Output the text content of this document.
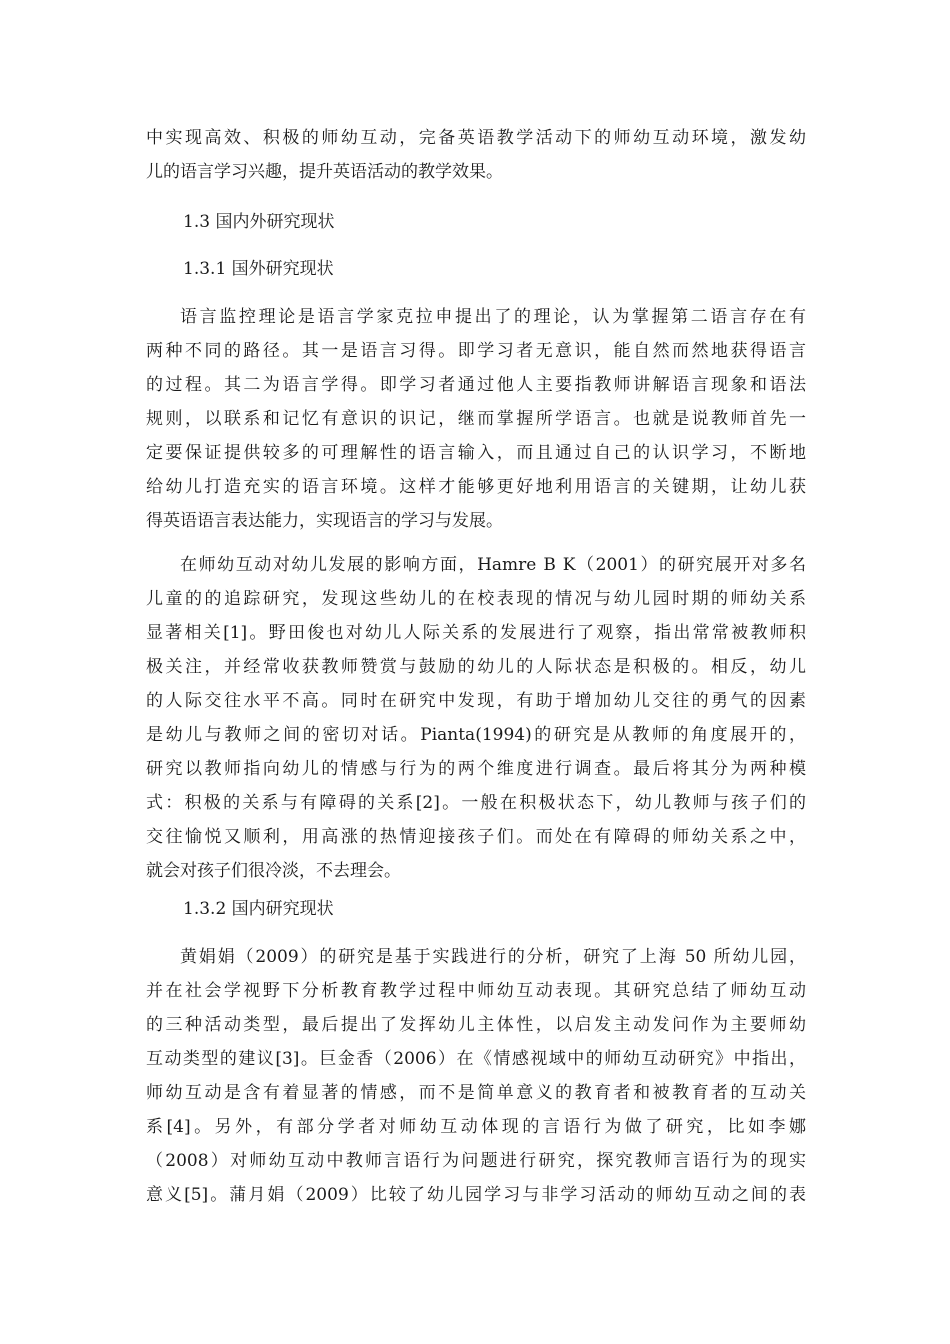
中实现高效、积极的师幼互动，完备英语教学活动下的师幼互动环境，激发幼
儿的语言学习兴趣，提升英语活动的教学效果。
1.3 国内外研究现状
1.3.1 国外研究现状
语言监控理论是语言学家克拉申提出了的理论，认为掌握第二语言存在有
两种不同的路径。其一是语言习得。即学习者无意识，能自然而然地获得语言
的过程。其二为语言学得。即学习者通过他人主要指教师讲解语言现象和语法
规则，以联系和记忆有意识的识记，继而掌握所学语言。也就是说教师首先一
定要保证提供较多的可理解性的语言输入，而且通过自己的认识学习，不断地
给幼儿打造充实的语言环境。这样才能够更好地利用语言的关键期，让幼儿获
得英语语言表达能力，实现语言的学习与发展。
在师幼互动对幼儿发展的影响方面，Hamre B K（2001）的研究展开对多名
儿童的的追踪研究，发现这些幼儿的在校表现的情况与幼儿园时期的师幼关系
显著相关[1]。野田俊也对幼儿人际关系的发展进行了观察，指出常常被教师积
极关注，并经常收获教师赞赏与鼓励的幼儿的人际状态是积极的。相反，幼儿
的人际交往水平不高。同时在研究中发现，有助于增加幼儿交往的勇气的因素
是幼儿与教师之间的密切对话。Pianta(1994)的研究是从教师的角度展开的，
研究以教师指向幼儿的情感与行为的两个维度进行调查。最后将其分为两种模
式：积极的关系与有障碍的关系[2]。一般在积极状态下，幼儿教师与孩子们的
交往愉悦又顺利，用高涨的热情迎接孩子们。而处在有障碍的师幼关系之中，
就会对孩子们很冷淡，不去理会。
1.3.2 国内研究现状
黄娟娟（2009）的研究是基于实践进行的分析，研究了上海 50 所幼儿园，
并在社会学视野下分析教育教学过程中师幼互动表现。其研究总结了师幼互动
的三种活动类型，最后提出了发挥幼儿主体性，以启发主动发问作为主要师幼
互动类型的建议[3]。巨金香（2006）在《情感视域中的师幼互动研究》中指出，
师幼互动是含有着显著的情感，而不是简单意义的教育者和被教育者的互动关
系[4]。另外，有部分学者对师幼互动体现的言语行为做了研究，比如李娜
（2008）对师幼互动中教师言语行为问题进行研究，探究教师言语行为的现实
意义[5]。蒲月娟（2009）比较了幼儿园学习与非学习活动的师幼互动之间的表
